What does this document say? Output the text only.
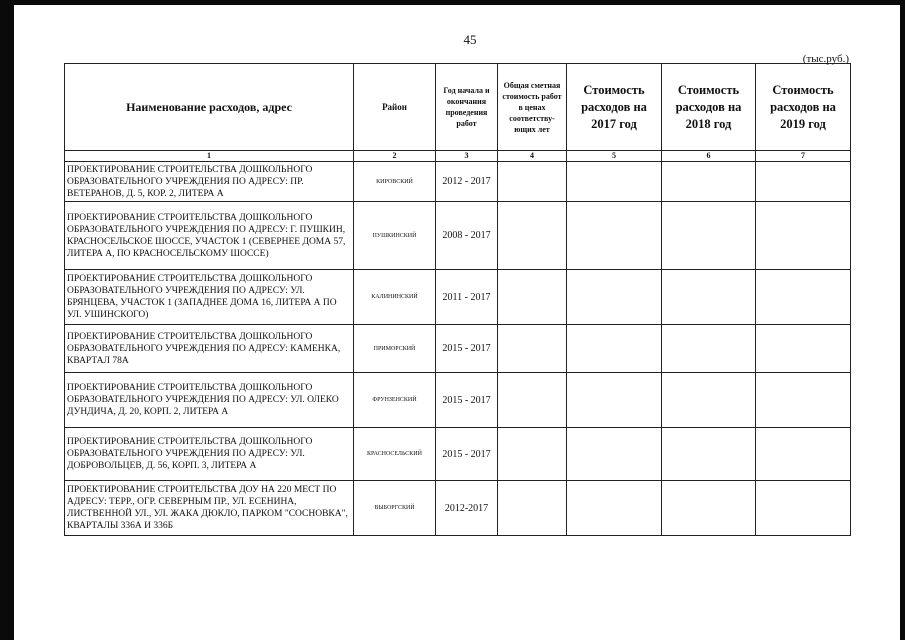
45
(тыс.руб.)
Наименование расходов, адрес	Район	Год начала и окончания проведения работ	Общая сметная стоимость работ в ценах соответству-ющих лет	Стоимость расходов на 2017 год	Стоимость расходов на 2018 год	Стоимость расходов на 2019 год
1	2	3	4	5	6	7
ПРОЕКТИРОВАНИЕ СТРОИТЕЛЬСТВА ДОШКОЛЬНОГО ОБРАЗОВАТЕЛЬНОГО УЧРЕЖДЕНИЯ ПО АДРЕСУ: ПР. ВЕТЕРАНОВ, Д. 5, КОР. 2, ЛИТЕРА А	КИРОВСКИЙ	2012 - 2017				
ПРОЕКТИРОВАНИЕ СТРОИТЕЛЬСТВА ДОШКОЛЬНОГО ОБРАЗОВАТЕЛЬНОГО УЧРЕЖДЕНИЯ ПО АДРЕСУ: Г. ПУШКИН, КРАСНОСЕЛЬСКОЕ ШОССЕ, УЧАСТОК 1 (СЕВЕРНЕЕ ДОМА 57, ЛИТЕРА А, ПО КРАСНОСЕЛЬСКОМУ ШОССЕ)	ПУШКИНСКИЙ	2008 - 2017				
ПРОЕКТИРОВАНИЕ СТРОИТЕЛЬСТВА ДОШКОЛЬНОГО ОБРАЗОВАТЕЛЬНОГО УЧРЕЖДЕНИЯ ПО АДРЕСУ: УЛ. БРЯНЦЕВА, УЧАСТОК 1 (ЗАПАДНЕЕ ДОМА 16, ЛИТЕРА А ПО УЛ. УШИНСКОГО)	КАЛИНИНСКИЙ	2011 - 2017				
ПРОЕКТИРОВАНИЕ СТРОИТЕЛЬСТВА ДОШКОЛЬНОГО ОБРАЗОВАТЕЛЬНОГО УЧРЕЖДЕНИЯ ПО АДРЕСУ: КАМЕНКА, КВАРТАЛ 78А	ПРИМОРСКИЙ	2015 - 2017				
ПРОЕКТИРОВАНИЕ СТРОИТЕЛЬСТВА ДОШКОЛЬНОГО ОБРАЗОВАТЕЛЬНОГО УЧРЕЖДЕНИЯ ПО АДРЕСУ: УЛ. ОЛЕКО ДУНДИЧА, Д. 20, КОРП. 2, ЛИТЕРА А	ФРУНЗЕНСКИЙ	2015 - 2017				
ПРОЕКТИРОВАНИЕ СТРОИТЕЛЬСТВА ДОШКОЛЬНОГО ОБРАЗОВАТЕЛЬНОГО УЧРЕЖДЕНИЯ ПО АДРЕСУ: УЛ. ДОБРОВОЛЬЦЕВ, Д. 56, КОРП. 3, ЛИТЕРА А	КРАСНОСЕЛЬСКИЙ	2015 - 2017				
ПРОЕКТИРОВАНИЕ СТРОИТЕЛЬСТВА ДОУ НА 220 МЕСТ ПО АДРЕСУ: ТЕРР., ОГР. СЕВЕРНЫМ ПР., УЛ. ЕСЕНИНА, ЛИСТВЕННОЙ УЛ., УЛ. ЖАКА ДЮКЛО, ПАРКОМ "СОСНОВКА", КВАРТАЛЫ 336А И 336Б	ВЫБОРГСКИЙ	2012-2017				
